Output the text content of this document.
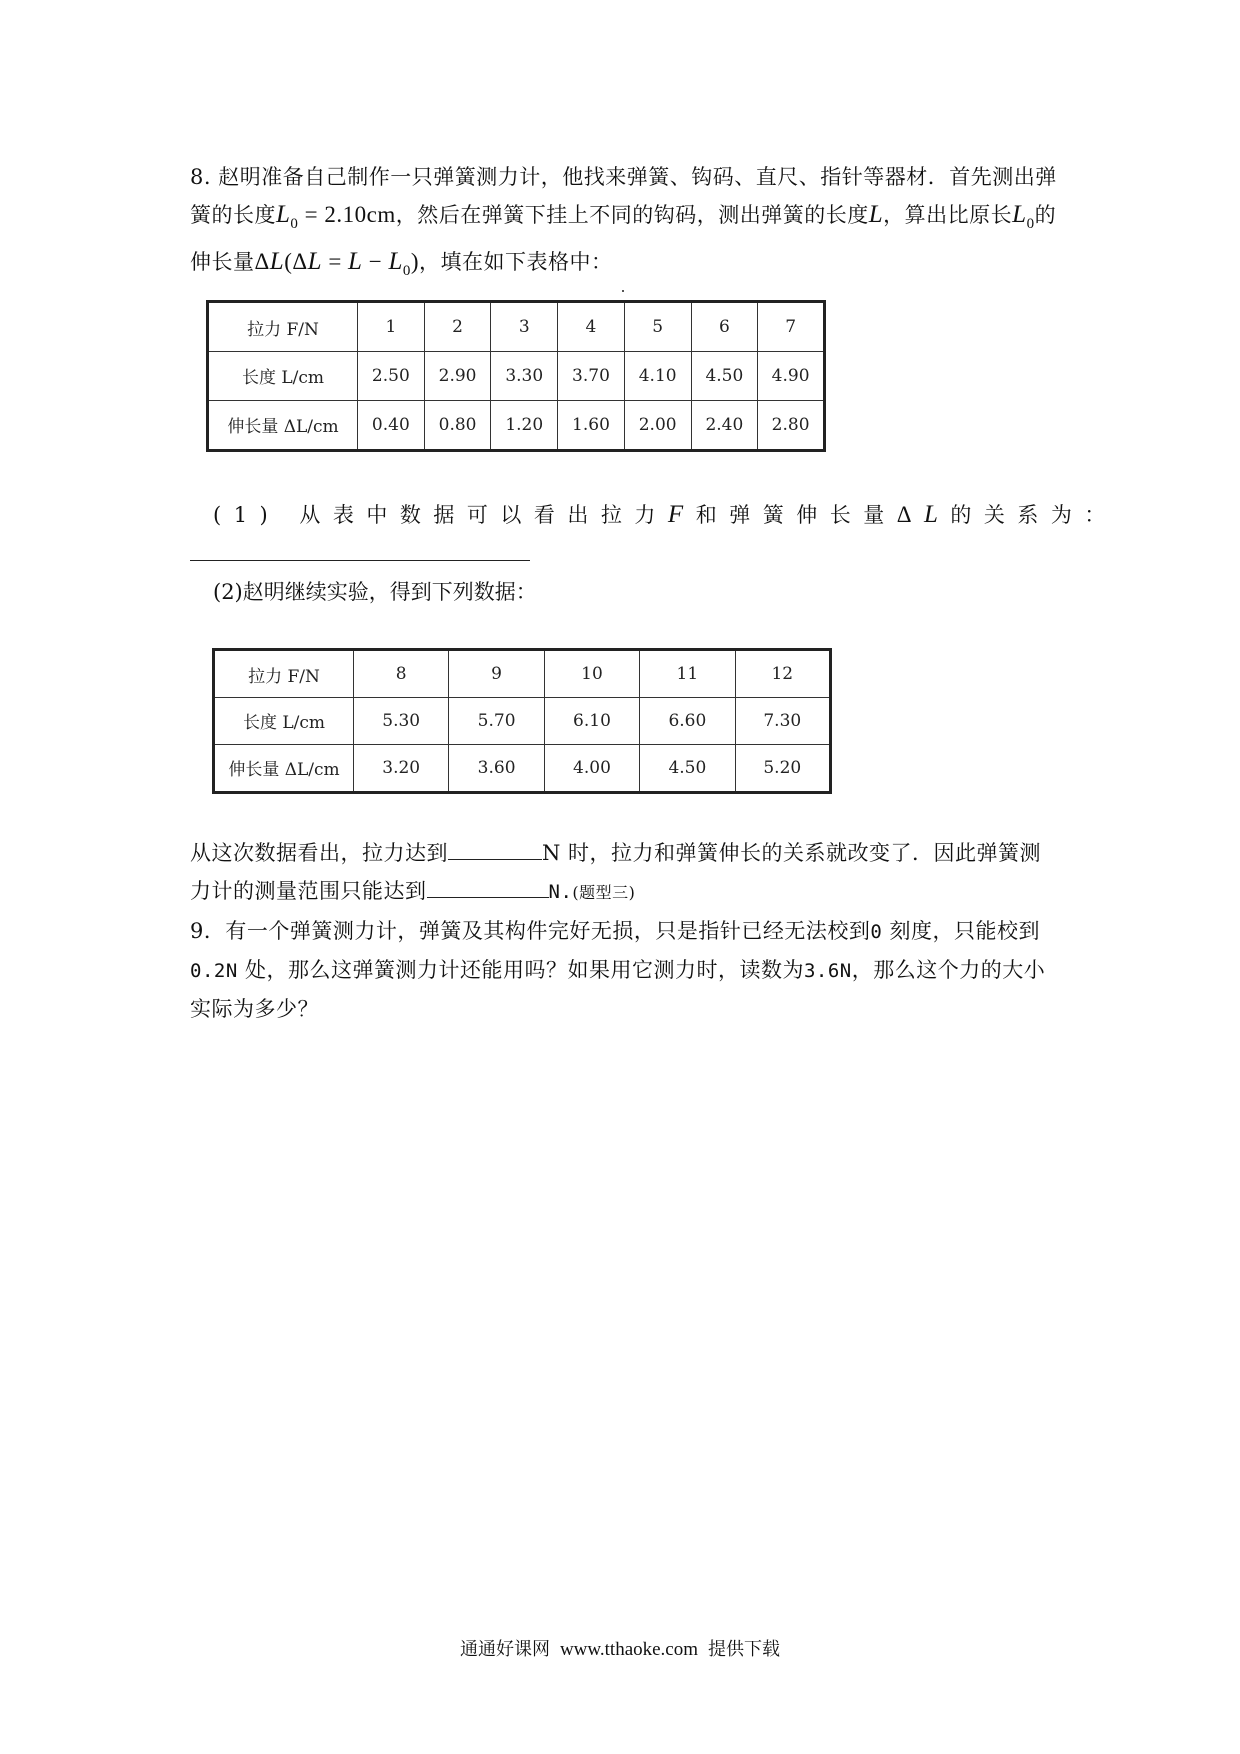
8. 赵明准备自己制作一只弹簧测力计，他找来弹簧、钩码、直尺、指针等器材．首先测出弹簧的长度$L_0 = 2.10cm$，然后在弹簧下挂上不同的钩码，测出弹簧的长度L，算出比原长$L_0$的伸长量$\Delta L(\Delta L = L - L_0)$，填在如下表格中：
拉力 F/N	1	2	3	4	5	6	7
长度 L/cm	2.50	2.90	3.30	3.70	4.10	4.50	4.90
伸长量 ΔL/cm	0.40	0.80	1.20	1.60	2.00	2.40	2.80
(1) 从表中数据可以看出拉力F和弹簧伸长量ΔL的关系为：
(2)赵明继续实验，得到下列数据：
拉力 F/N	8	9	10	11	12
长度 L/cm	5.30	5.70	6.10	6.60	7.30
伸长量 ΔL/cm	3.20	3.60	4.00	4.50	5.20
从这次数据看出，拉力达到	N 时，拉力和弹簧伸长的关系就改变了．因此弹簧测力计的测量范围只能达到	N.(题型三)
9．有一个弹簧测力计，弹簧及其构件完好无损，只是指针已经无法校到0 刻度，只能校到0.2N 处，那么这弹簧测力计还能用吗？如果用它测力时，读数为3.6N，那么这个力的大小实际为多少？
通通好课网 www.tthaoke.com 提供下载
